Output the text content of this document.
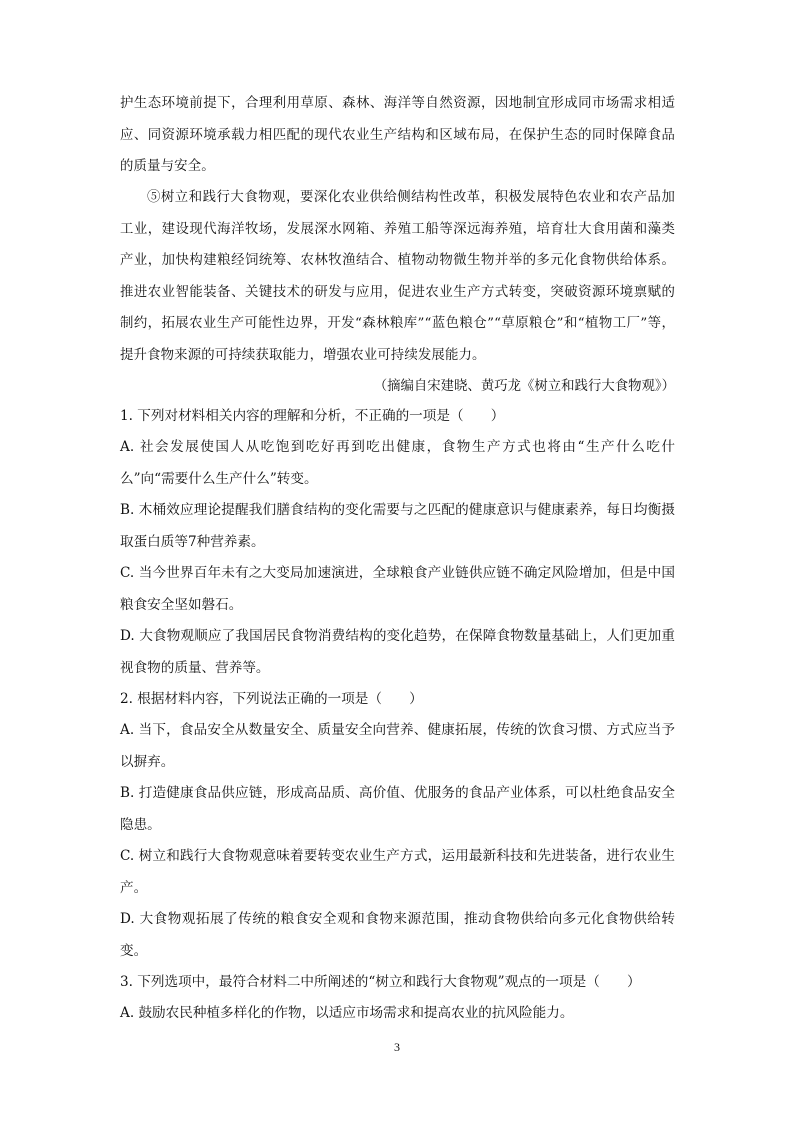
护生态环境前提下，合理利用草原、森林、海洋等自然资源，因地制宜形成同市场需求相适应、同资源环境承载力相匹配的现代农业生产结构和区域布局，在保护生态的同时保障食品的质量与安全。

⑤树立和践行大食物观，要深化农业供给侧结构性改革，积极发展特色农业和农产品加工业，建设现代海洋牧场，发展深水网箱、养殖工船等深远海养殖，培育壮大食用菌和藻类产业，加快构建粮经饲统筹、农林牧渔结合、植物动物微生物并举的多元化食物供给体系。推进农业智能装备、关键技术的研发与应用，促进农业生产方式转变，突破资源环境禀赋的制约，拓展农业生产可能性边界，开发“森林粮库”“蓝色粮仓”“草原粮仓”和“植物工厂”等，提升食物来源的可持续获取能力，增强农业可持续发展能力。

（摘编自宋建晓、黄巧龙《树立和践行大食物观》）

1. 下列对材料相关内容的理解和分析，不正确的一项是（　　）

A. 社会发展使国人从吃饱到吃好再到吃出健康，食物生产方式也将由“生产什么吃什么”向“需要什么生产什么”转变。

B. 木桶效应理论提醒我们膳食结构的变化需要与之匹配的健康意识与健康素养，每日均衡摄取蛋白质等7种营养素。

C. 当今世界百年未有之大变局加速演进，全球粮食产业链供应链不确定风险增加，但是中国粮食安全坚如磐石。

D. 大食物观顺应了我国居民食物消费结构的变化趋势，在保障食物数量基础上，人们更加重视食物的质量、营养等。

2. 根据材料内容，下列说法正确的一项是（　　）

A. 当下，食品安全从数量安全、质量安全向营养、健康拓展，传统的饮食习惯、方式应当予以摒弃。

B. 打造健康食品供应链，形成高品质、高价值、优服务的食品产业体系，可以杜绝食品安全隐患。

C. 树立和践行大食物观意味着要转变农业生产方式，运用最新科技和先进装备，进行农业生产。

D. 大食物观拓展了传统的粮食安全观和食物来源范围，推动食物供给向多元化食物供给转变。

3. 下列选项中，最符合材料二中所阐述的“树立和践行大食物观”观点的一项是（　　）

A. 鼓励农民种植多样化的作物，以适应市场需求和提高农业的抗风险能力。

3
